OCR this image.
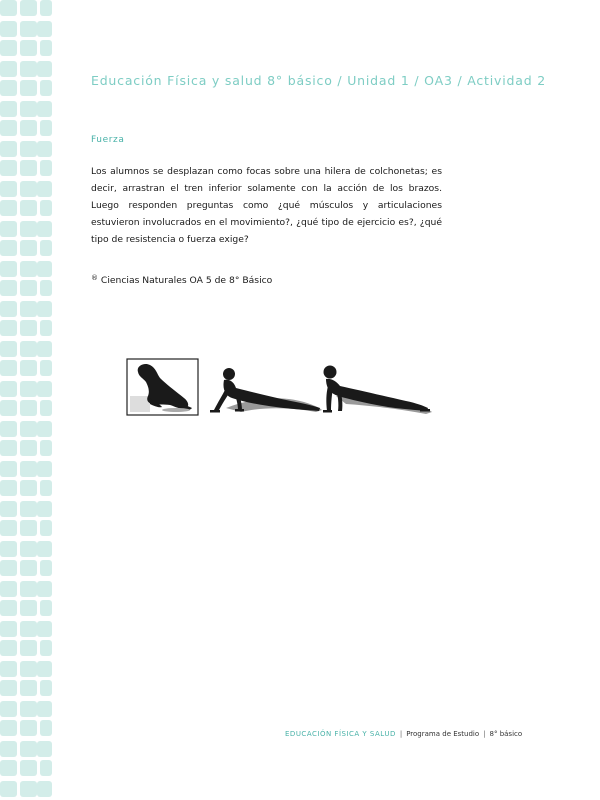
Educación Física y salud 8° básico / Unidad 1 / OA3 / Actividad 2
Fuerza
Los alumnos se desplazan como focas sobre una hilera de colchonetas; es decir, arrastran el tren inferior solamente con la acción de los brazos. Luego responden preguntas como ¿qué músculos y articulaciones estuvieron involucrados en el movimiento?, ¿qué tipo de ejercicio es?, ¿qué tipo de resistencia o fuerza exige?
® Ciencias Naturales OA 5 de 8° Básico
EDUCACIÓN FÍSICA Y SALUD | Programa de Estudio | 8° básico
